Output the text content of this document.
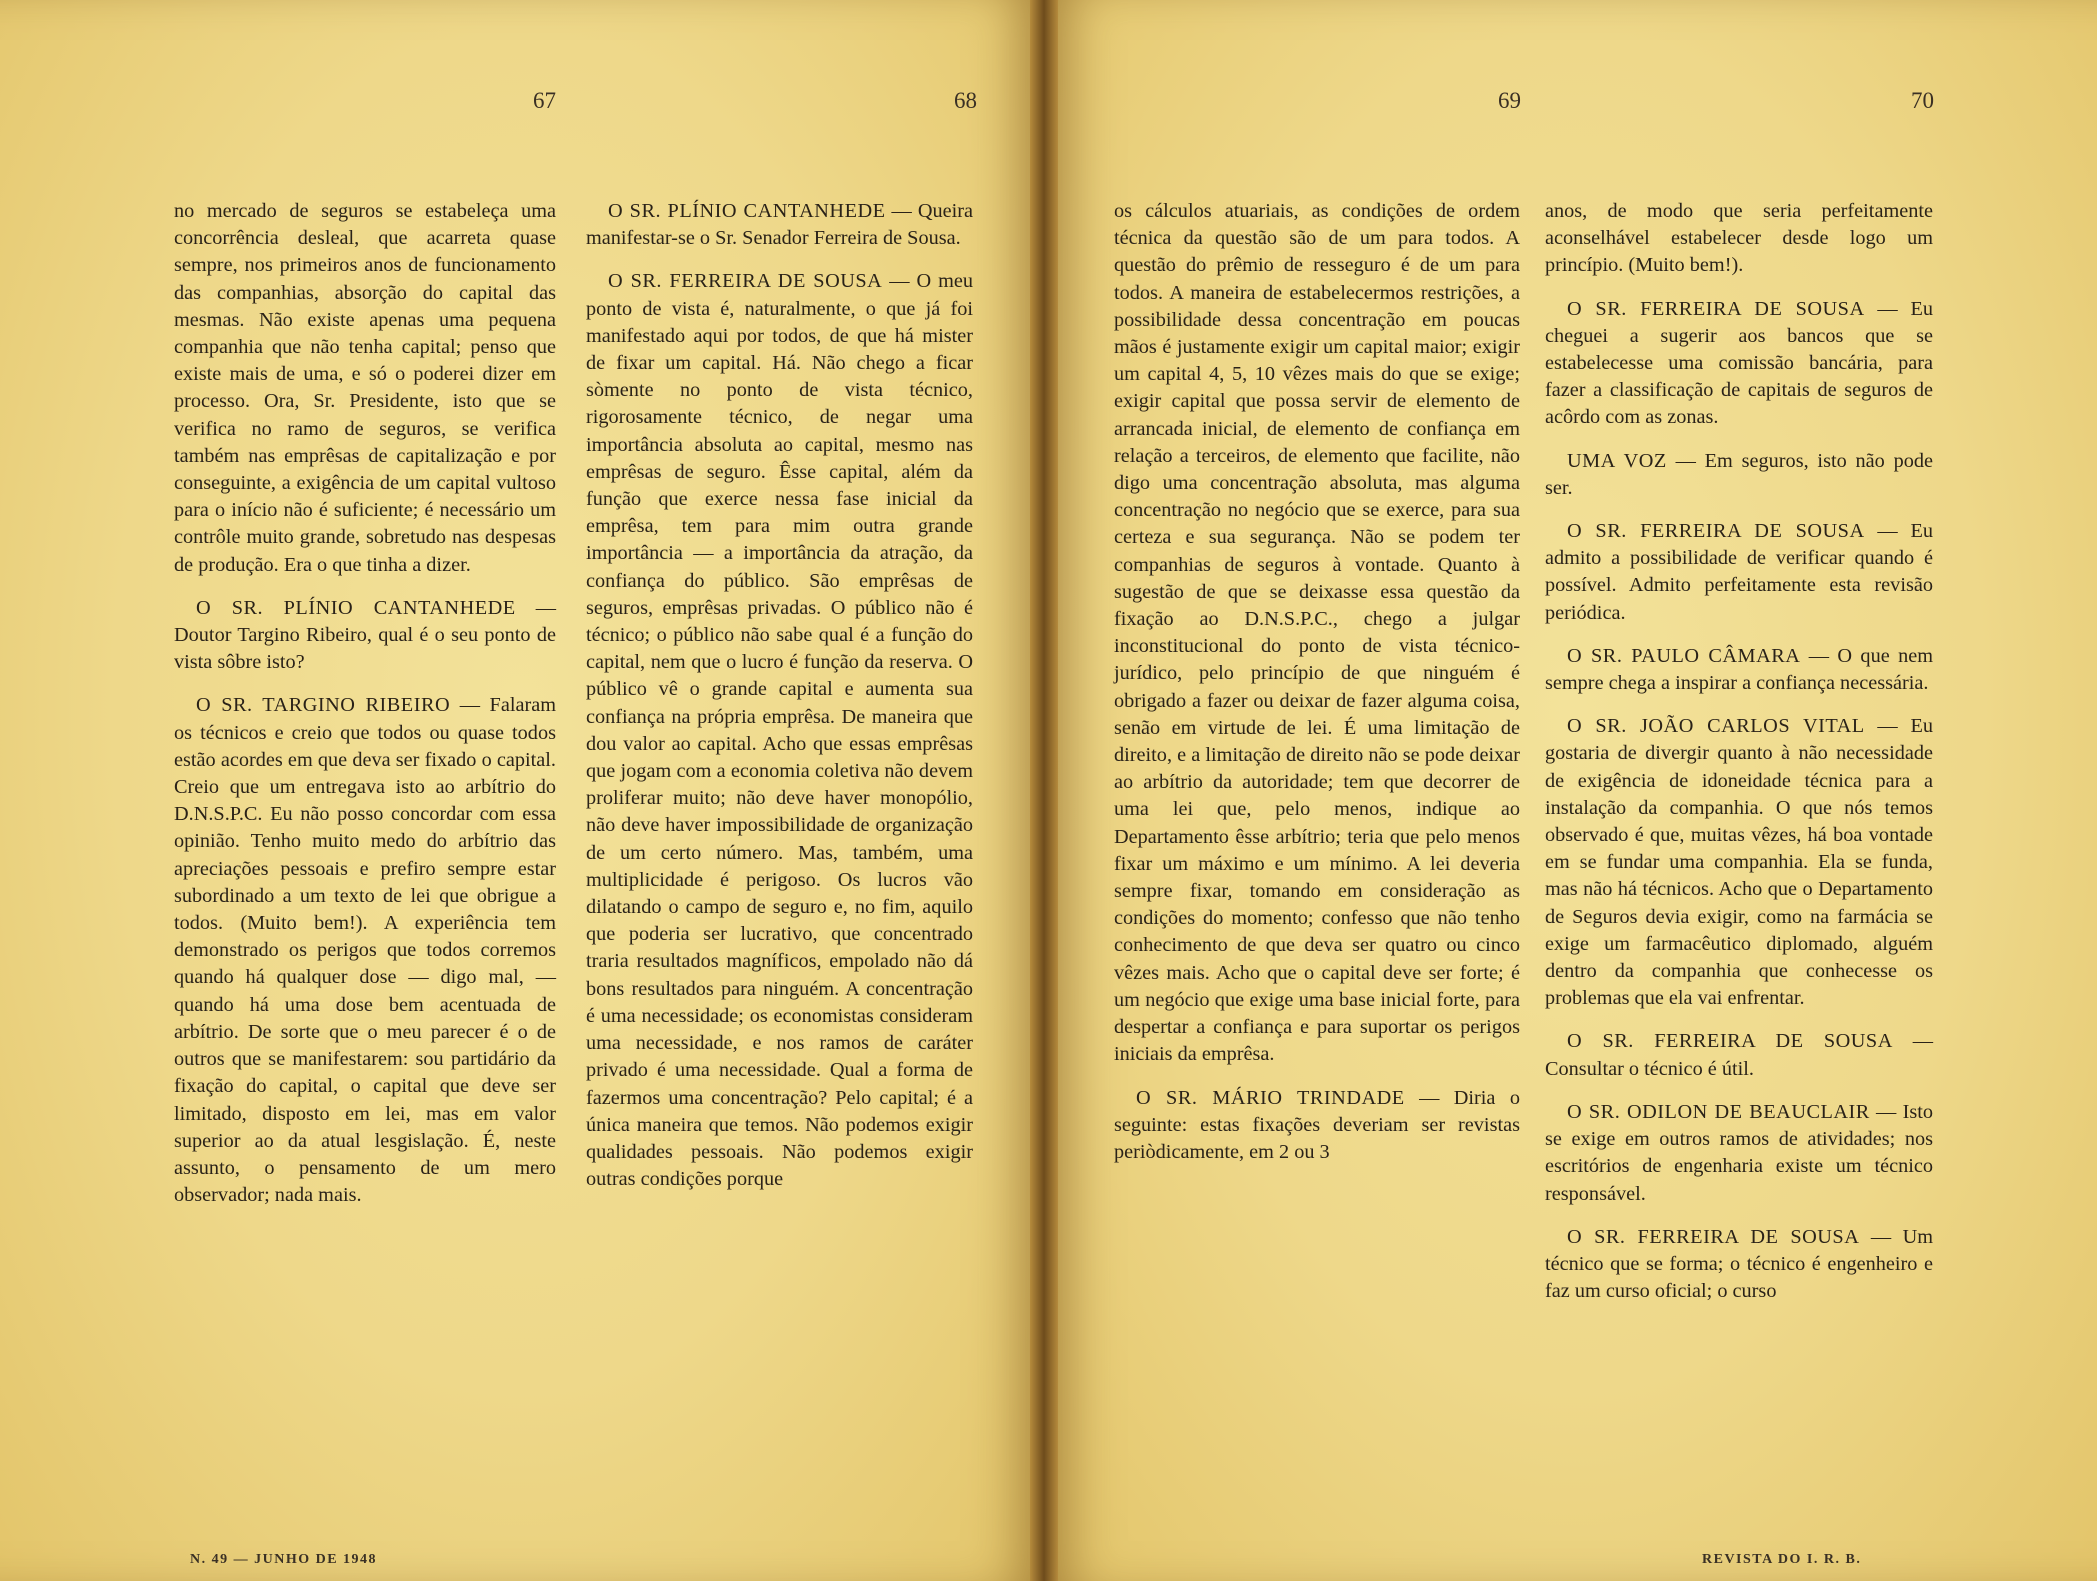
67	68	69	70

no mercado de seguros se estabeleça uma concorrência desleal, que acarreta quase sempre, nos primeiros anos de funcionamento das companhias, absorção do capital das mesmas. Não existe apenas uma pequena companhia que não tenha capital; penso que existe mais de uma, e só o poderei dizer em processo. Ora, Sr. Presidente, isto que se verifica no ramo de seguros, se verifica também nas emprêsas de capitalização e por conseguinte, a exigência de um capital vultoso para o início não é suficiente; é necessário um contrôle muito grande, sobretudo nas despesas de produção. Era o que tinha a dizer.

O SR. PLÍNIO CANTANHEDE — Doutor Targino Ribeiro, qual é o seu ponto de vista sôbre isto?

O SR. TARGINO RIBEIRO — Falaram os técnicos e creio que todos ou quase todos estão acordes em que deva ser fixado o capital. Creio que um entregava isto ao arbítrio do D.N.S.P.C. Eu não posso concordar com essa opinião. Tenho muito medo do arbítrio das apreciações pessoais e prefiro sempre estar subordinado a um texto de lei que obrigue a todos. (Muito bem!). A experiência tem demonstrado os perigos que todos corremos quando há qualquer dose — digo mal, — quando há uma dose bem acentuada de arbítrio. De sorte que o meu parecer é o de outros que se manifestarem: sou partidário da fixação do capital, o capital que deve ser limitado, disposto em lei, mas em valor superior ao da atual lesgislação. É, neste assunto, o pensamento de um mero observador; nada mais.

O SR. PLÍNIO CANTANHEDE — Queira manifestar-se o Sr. Senador Ferreira de Sousa.

O SR. FERREIRA DE SOUSA — O meu ponto de vista é, naturalmente, o que já foi manifestado aqui por todos, de que há mister de fixar um capital. Há. Não chego a ficar sòmente no ponto de vista técnico, rigorosamente técnico, de negar uma importância absoluta ao capital, mesmo nas emprêsas de seguro. Êsse capital, além da função que exerce nessa fase inicial da emprêsa, tem para mim outra grande importância — a importância da atração, da confiança do público. São emprêsas de seguros, emprêsas privadas. O público não é técnico; o público não sabe qual é a função do capital, nem que o lucro é função da reserva. O público vê o grande capital e aumenta sua confiança na própria emprêsa. De maneira que dou valor ao capital. Acho que essas emprêsas que jogam com a economia coletiva não devem proliferar muito; não deve haver monopólio, não deve haver impossibilidade de organização de um certo número. Mas, também, uma multiplicidade é perigoso. Os lucros vão dilatando o campo de seguro e, no fim, aquilo que poderia ser lucrativo, que concentrado traria resultados magníficos, empolado não dá bons resultados para ninguém. A concentração é uma necessidade; os economistas consideram uma necessidade, e nos ramos de caráter privado é uma necessidade. Qual a forma de fazermos uma concentração? Pelo capital; é a única maneira que temos. Não podemos exigir qualidades pessoais. Não podemos exigir outras condições porque

os cálculos atuariais, as condições de ordem técnica da questão são de um para todos. A questão do prêmio de resseguro é de um para todos. A maneira de estabelecermos restrições, a possibilidade dessa concentração em poucas mãos é justamente exigir um capital maior; exigir um capital 4, 5, 10 vêzes mais do que se exige; exigir capital que possa servir de elemento de arrancada inicial, de elemento de confiança em relação a terceiros, de elemento que facilite, não digo uma concentração absoluta, mas alguma concentração no negócio que se exerce, para sua certeza e sua segurança. Não se podem ter companhias de seguros à vontade. Quanto à sugestão de que se deixasse essa questão da fixação ao D.N.S.P.C., chego a julgar inconstitucional do ponto de vista técnico-jurídico, pelo princípio de que ninguém é obrigado a fazer ou deixar de fazer alguma coisa, senão em virtude de lei. É uma limitação de direito, e a limitação de direito não se pode deixar ao arbítrio da autoridade; tem que decorrer de uma lei que, pelo menos, indique ao Departamento êsse arbítrio; teria que pelo menos fixar um máximo e um mínimo. A lei deveria sempre fixar, tomando em consideração as condições do momento; confesso que não tenho conhecimento de que deva ser quatro ou cinco vêzes mais. Acho que o capital deve ser forte; é um negócio que exige uma base inicial forte, para despertar a confiança e para suportar os perigos iniciais da emprêsa.

O SR. MÁRIO TRINDADE — Diria o seguinte: estas fixações deveriam ser revistas periòdicamente, em 2 ou 3

anos, de modo que seria perfeitamente aconselhável estabelecer desde logo um princípio. (Muito bem!).

O SR. FERREIRA DE SOUSA — Eu cheguei a sugerir aos bancos que se estabelecesse uma comissão bancária, para fazer a classificação de capitais de seguros de acôrdo com as zonas.

UMA VOZ — Em seguros, isto não pode ser.

O SR. FERREIRA DE SOUSA — Eu admito a possibilidade de verificar quando é possível. Admito perfeitamente esta revisão periódica.

O SR. PAULO CÂMARA — O que nem sempre chega a inspirar a confiança necessária.

O SR. JOÃO CARLOS VITAL — Eu gostaria de divergir quanto à não necessidade de exigência de idoneidade técnica para a instalação da companhia. O que nós temos observado é que, muitas vêzes, há boa vontade em se fundar uma companhia. Ela se funda, mas não há técnicos. Acho que o Departamento de Seguros devia exigir, como na farmácia se exige um farmacêutico diplomado, alguém dentro da companhia que conhecesse os problemas que ela vai enfrentar.

O SR. FERREIRA DE SOUSA — Consultar o técnico é útil.

O SR. ODILON DE BEAUCLAIR — Isto se exige em outros ramos de atividades; nos escritórios de engenharia existe um técnico responsável.

O SR. FERREIRA DE SOUSA — Um técnico que se forma; o técnico é engenheiro e faz um curso oficial; o curso

N. 49 — JUNHO DE 1948	REVISTA DO I. R. B.
